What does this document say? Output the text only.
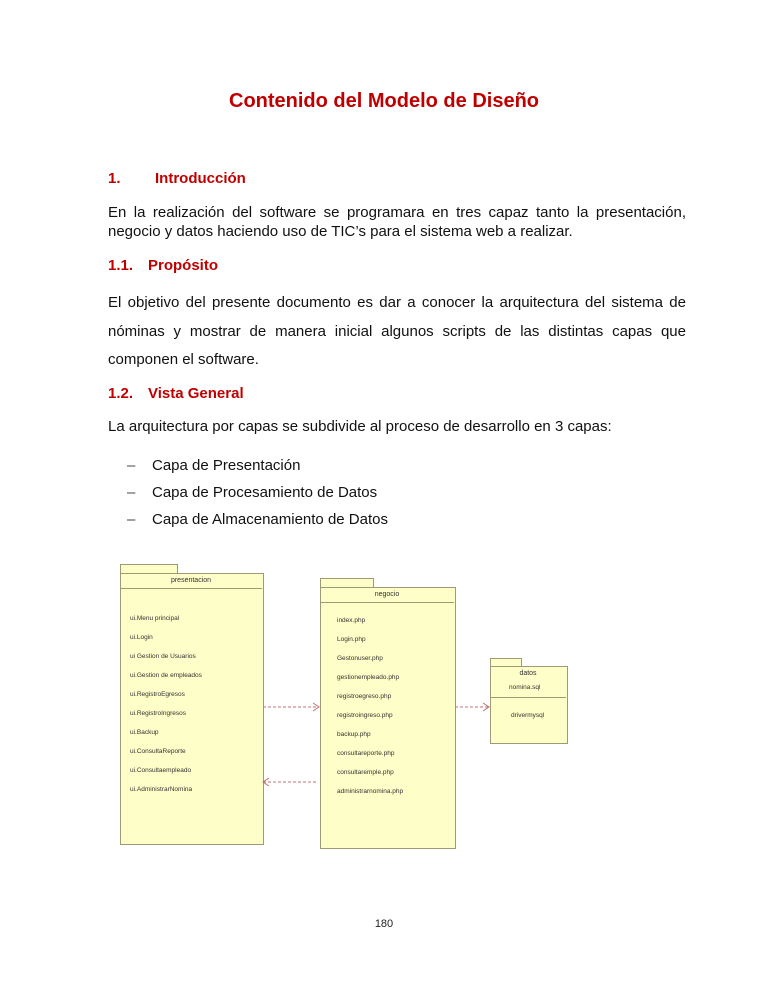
Contenido del Modelo de Diseño
1. Introducción
En la realización del software se programara en tres capaz tanto la presentación, negocio y datos haciendo uso de TIC’s para el sistema web a realizar.
1.1. Propósito
El objetivo del presente documento es dar a conocer la arquitectura del sistema de nóminas y mostrar de manera inicial algunos scripts de las distintas capas que componen el software.
1.2. Vista General
La arquitectura por capas se subdivide al proceso de desarrollo en 3 capas:
– Capa de Presentación
– Capa de Procesamiento de Datos
– Capa de Almacenamiento de Datos
presentacion
ui.Menu principal
ui.Login
ui Gestion de Usuarios
ui.Gestion de empleados
ui.RegistroEgresos
ui.RegistroIngresos
ui.Backup
ui.ConsultaReporte
ui.Consultaempleado
ui.AdministrarNomina
negocio
index.php
Login.php
Gestonuser.php
gestionempleado.php
registroegreso.php
registroingreso.php
backup.php
consultareporte.php
consultaremple.php
administrarnomina.php
datos
nomina.sql
drivermysql
180
